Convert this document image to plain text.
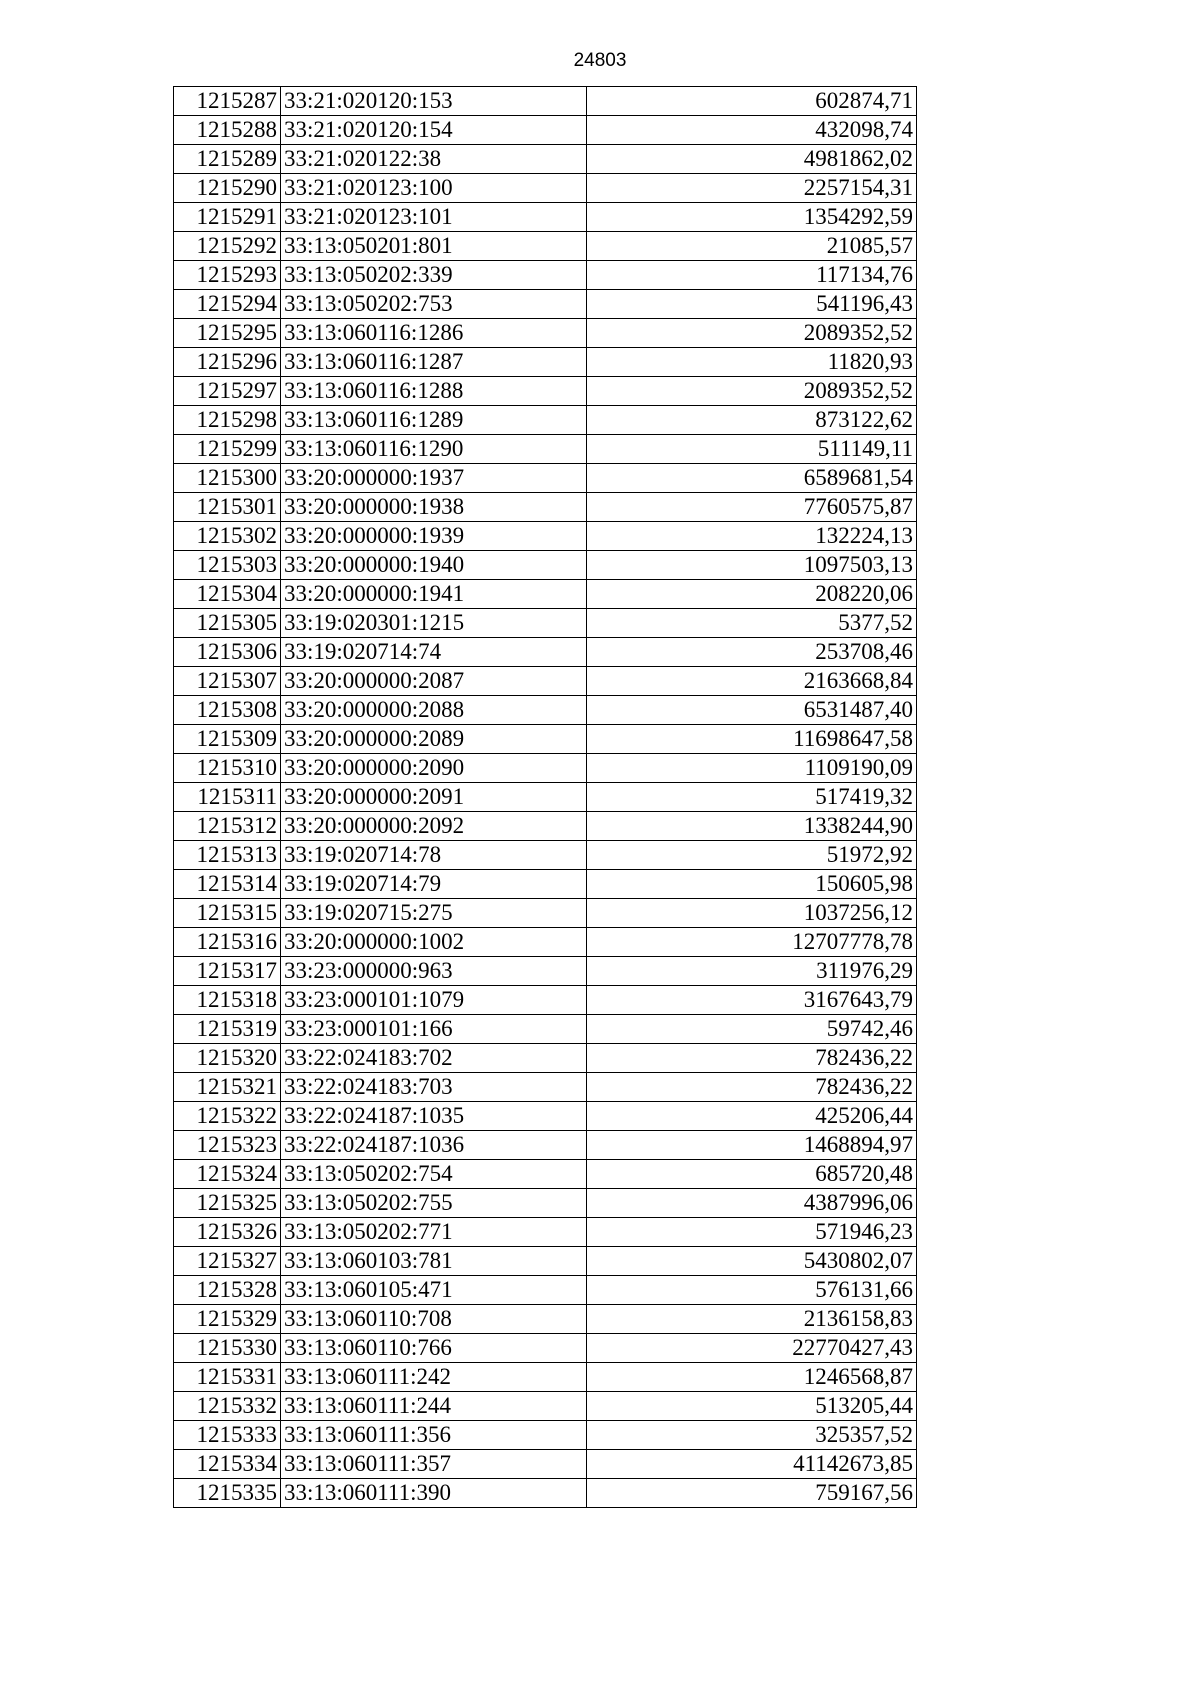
24803
1215287	33:21:020120:153	602874,71
1215288	33:21:020120:154	432098,74
1215289	33:21:020122:38	4981862,02
1215290	33:21:020123:100	2257154,31
1215291	33:21:020123:101	1354292,59
1215292	33:13:050201:801	21085,57
1215293	33:13:050202:339	117134,76
1215294	33:13:050202:753	541196,43
1215295	33:13:060116:1286	2089352,52
1215296	33:13:060116:1287	11820,93
1215297	33:13:060116:1288	2089352,52
1215298	33:13:060116:1289	873122,62
1215299	33:13:060116:1290	511149,11
1215300	33:20:000000:1937	6589681,54
1215301	33:20:000000:1938	7760575,87
1215302	33:20:000000:1939	132224,13
1215303	33:20:000000:1940	1097503,13
1215304	33:20:000000:1941	208220,06
1215305	33:19:020301:1215	5377,52
1215306	33:19:020714:74	253708,46
1215307	33:20:000000:2087	2163668,84
1215308	33:20:000000:2088	6531487,40
1215309	33:20:000000:2089	11698647,58
1215310	33:20:000000:2090	1109190,09
1215311	33:20:000000:2091	517419,32
1215312	33:20:000000:2092	1338244,90
1215313	33:19:020714:78	51972,92
1215314	33:19:020714:79	150605,98
1215315	33:19:020715:275	1037256,12
1215316	33:20:000000:1002	12707778,78
1215317	33:23:000000:963	311976,29
1215318	33:23:000101:1079	3167643,79
1215319	33:23:000101:166	59742,46
1215320	33:22:024183:702	782436,22
1215321	33:22:024183:703	782436,22
1215322	33:22:024187:1035	425206,44
1215323	33:22:024187:1036	1468894,97
1215324	33:13:050202:754	685720,48
1215325	33:13:050202:755	4387996,06
1215326	33:13:050202:771	571946,23
1215327	33:13:060103:781	5430802,07
1215328	33:13:060105:471	576131,66
1215329	33:13:060110:708	2136158,83
1215330	33:13:060110:766	22770427,43
1215331	33:13:060111:242	1246568,87
1215332	33:13:060111:244	513205,44
1215333	33:13:060111:356	325357,52
1215334	33:13:060111:357	41142673,85
1215335	33:13:060111:390	759167,56
